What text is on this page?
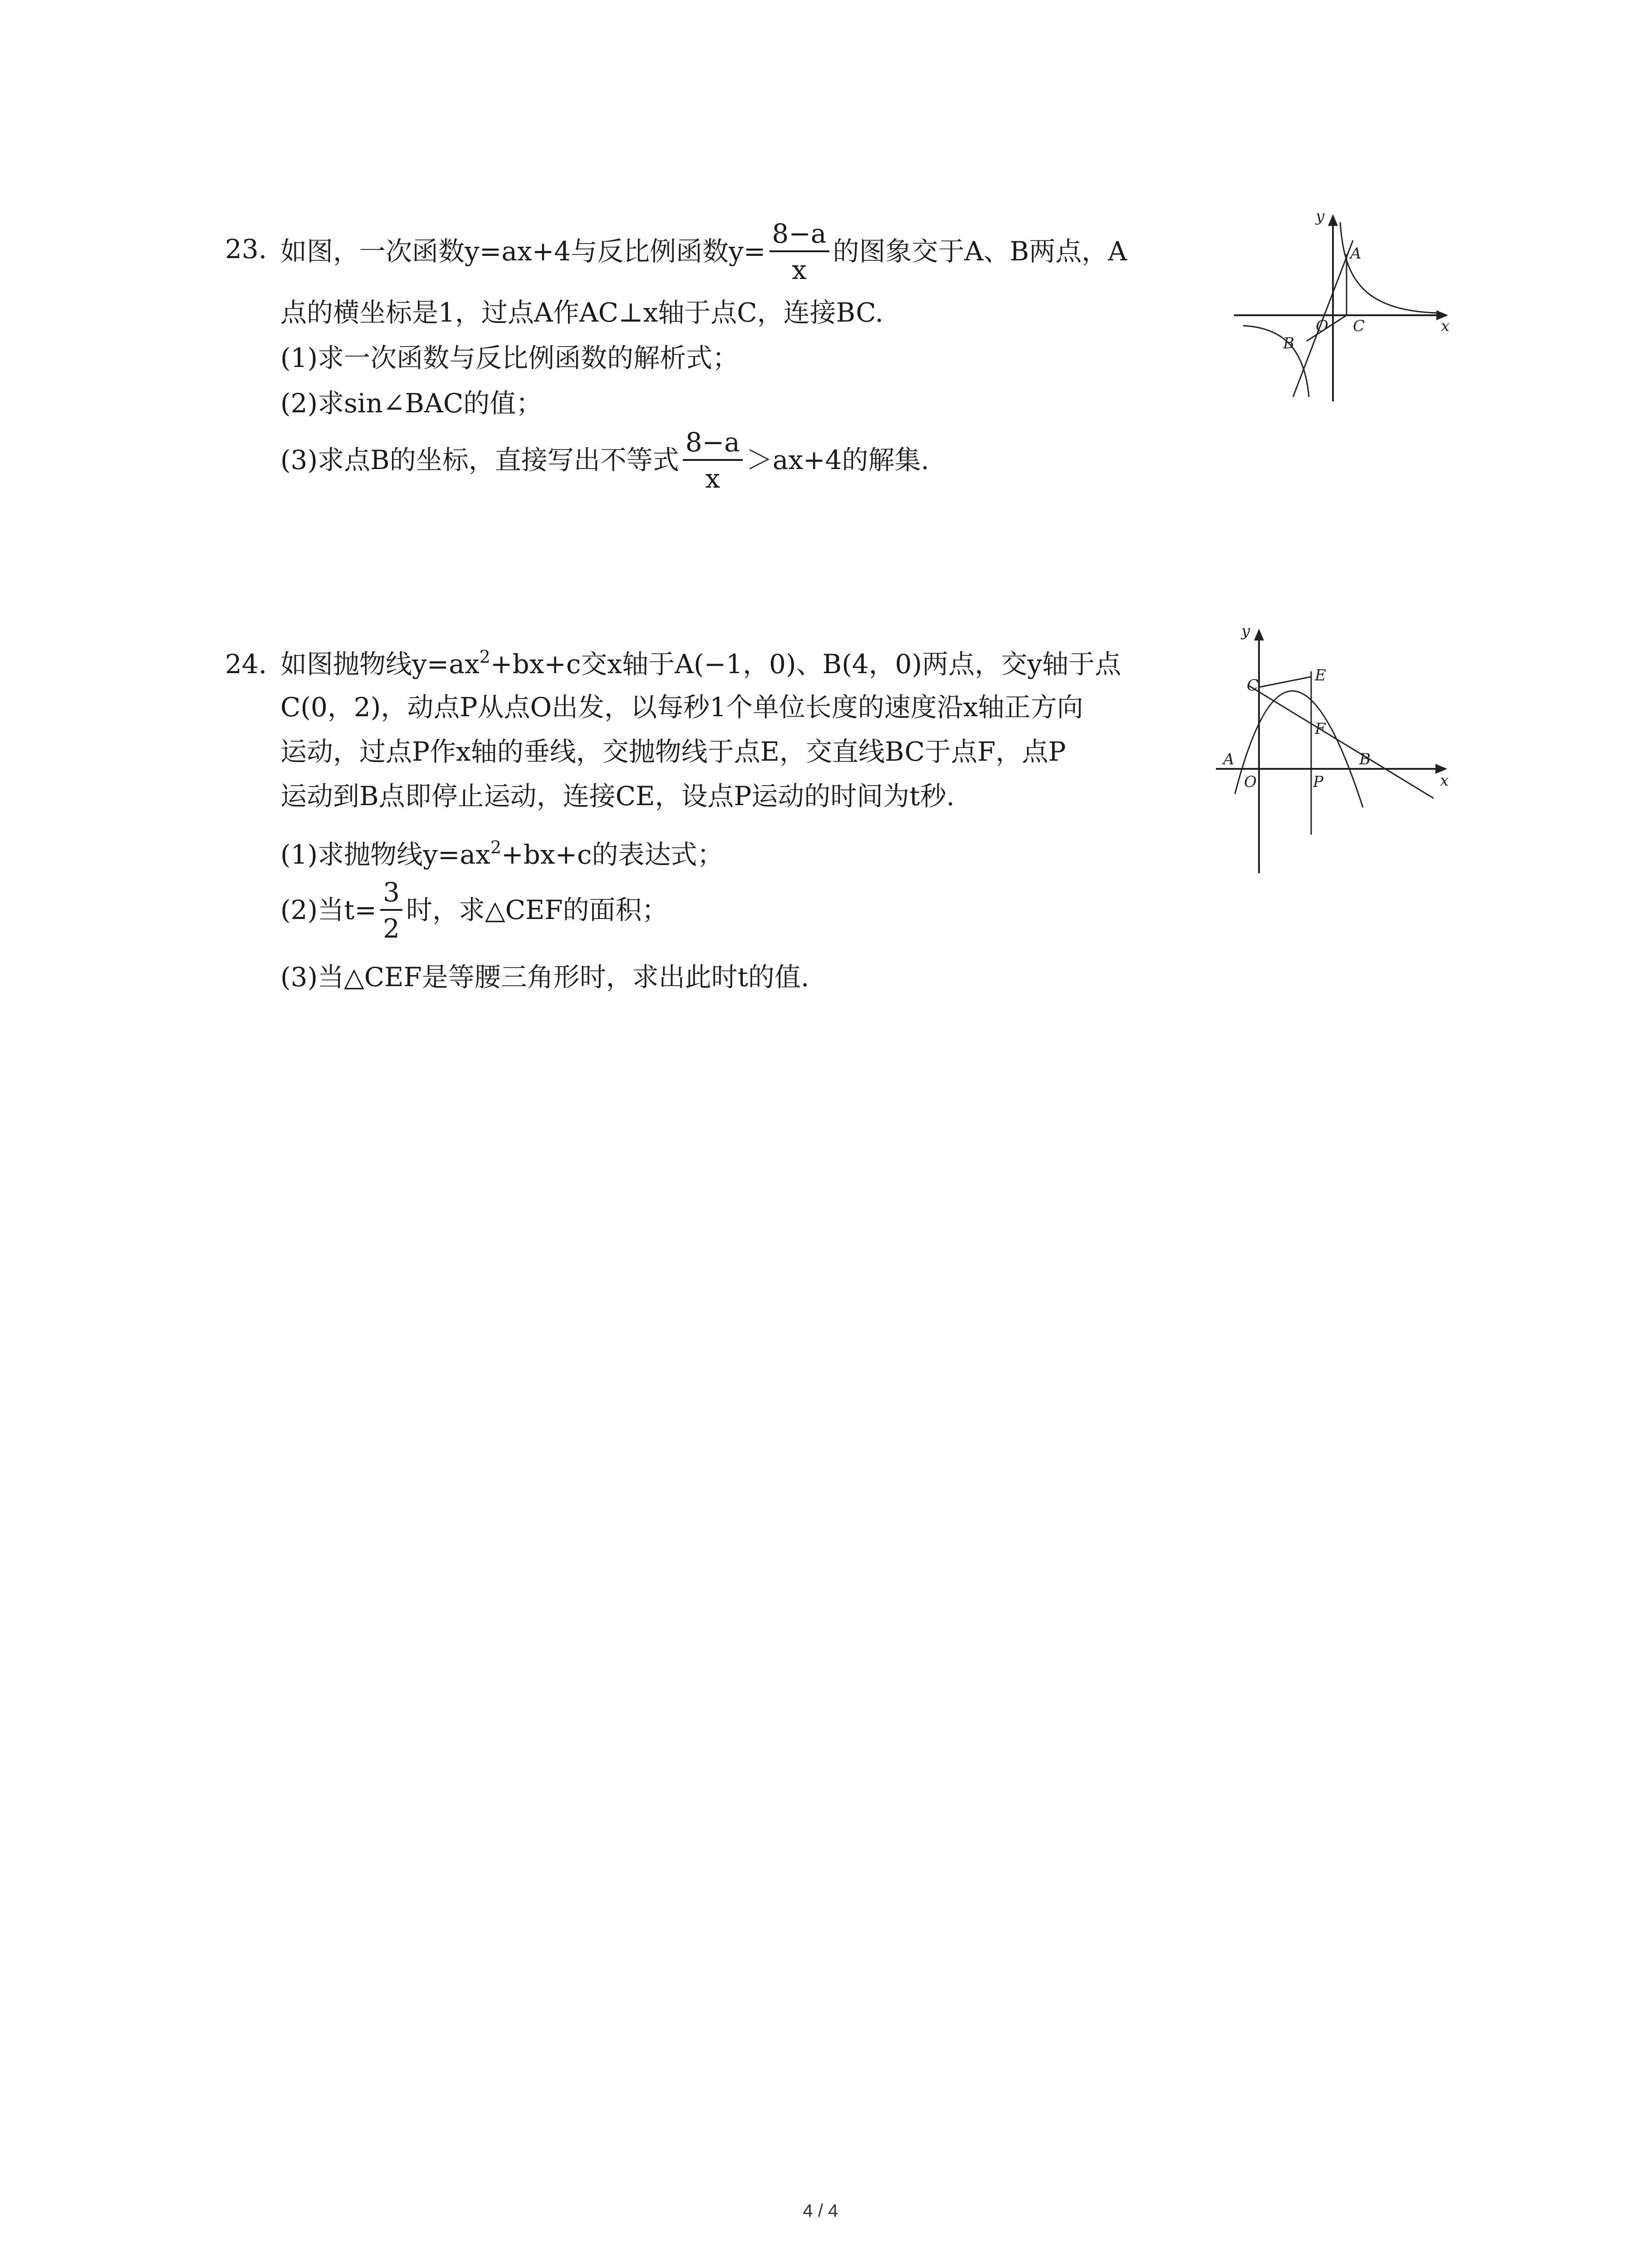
23. 如图，一次函数y=ax+4与反比例函数$y= \frac{8-a}{x}$ 的图象交于A、B两点，A
点的横坐标是1，过点A作AC⊥x轴于点C，连接BC.
(1)求一次函数与反比例函数的解析式；
(2)求sin∠BAC的值；
(3)求点B的坐标，直接写出不等式 $\frac{8-a}{x} >ax+4$的解集.
y
A
O C	x
B
24. 如图抛物线$y=ax^2+bx+c$交x轴于A(−1，0)、B(4，0)两点，交y轴于点
C(0，2)，动点P从点O出发，以每秒1个单位长度的速度沿x轴正方向
运动，过点P作x轴的垂线，交抛物线于点E，交直线BC于点F，点P
运动到B点即停止运动，连接CE，设点P运动的时间为t秒.
(1)求抛物线$y=ax^2+bx+c$的表达式；
(2)当$t= \frac{3}{2}$ 时，求△CEF的面积；
(3)当△CEF是等腰三角形时，求出此时t的值.
y
C
E
F
A	B
O	P	x
4 / 4
